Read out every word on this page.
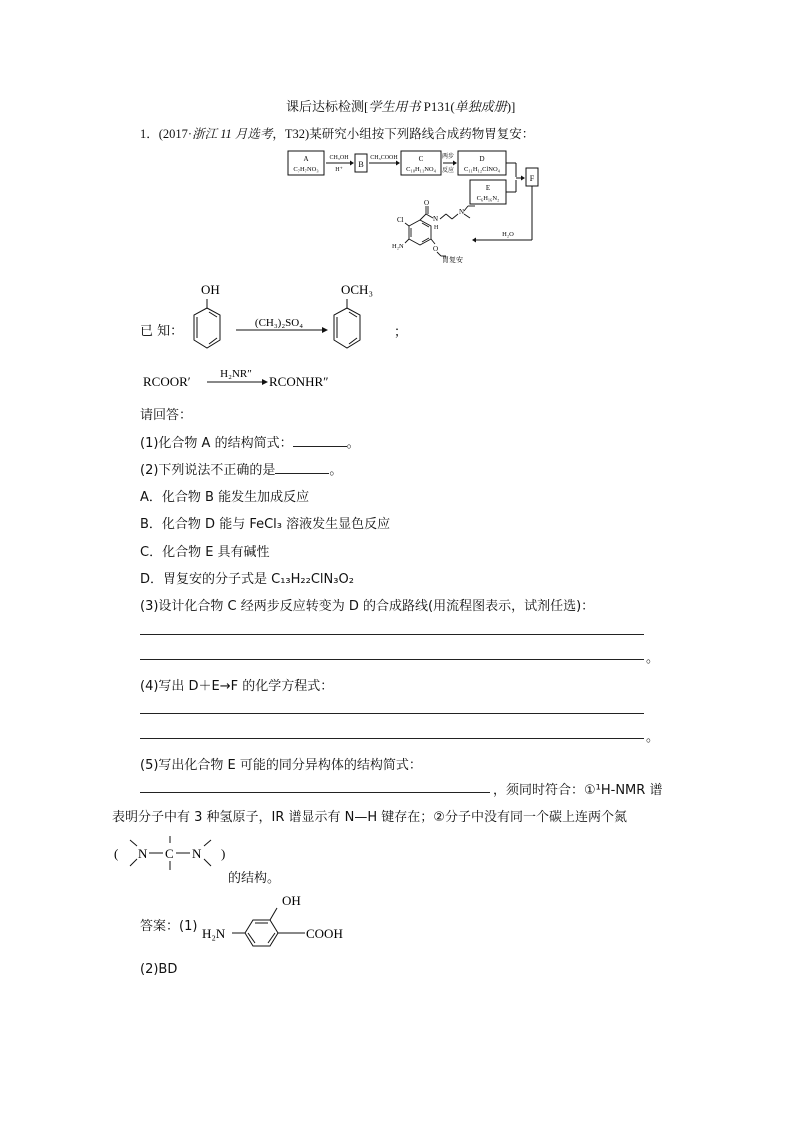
课后达标检测[学生用书 P131(单独成册)]
1．(2017·浙江 11 月选考，T32)某研究小组按下列路线合成药物胃复安：
A
C₇H₇NO₃
CH₃OH
H⁺
B
CH₃COOH	C
C₁₀H₁₁NO₄
两步
反应
D
C₁₁H₁₂ClNO₄
E
C₆H₁₆N₂
F
H₂O
Cl
O
N
H
N
O
H₂N
胃复安
已 知：
OH
(CH₃)₂SO₄
OCH₃
；
RCOOR′	H₂NR″ RCONHR″
请回答：
(1)化合物 A 的结构简式：	。
(2)下列说法不正确的是	。
A．化合物 B 能发生加成反应
B．化合物 D 能与 FeCl₃ 溶液发生显色反应
C．化合物 E 具有碱性
D．胃复安的分子式是 C₁₃H₂₂ClN₃O₂
(3)设计化合物 C 经两步反应转变为 D 的合成路线(用流程图表示，试剂任选)：
。
(4)写出 D＋E→F 的化学方程式：
。
(5)写出化合物 E 可能的同分异构体的结构简式：
，须同时符合：①¹H-NMR 谱
表明分子中有 3 种氢原子，IR 谱显示有 N—H 键存在；②分子中没有同一个碳上连两个氮
(	)
N C N
的结构。
答案：(1) H₂N
OH
COOH
(2)BD
